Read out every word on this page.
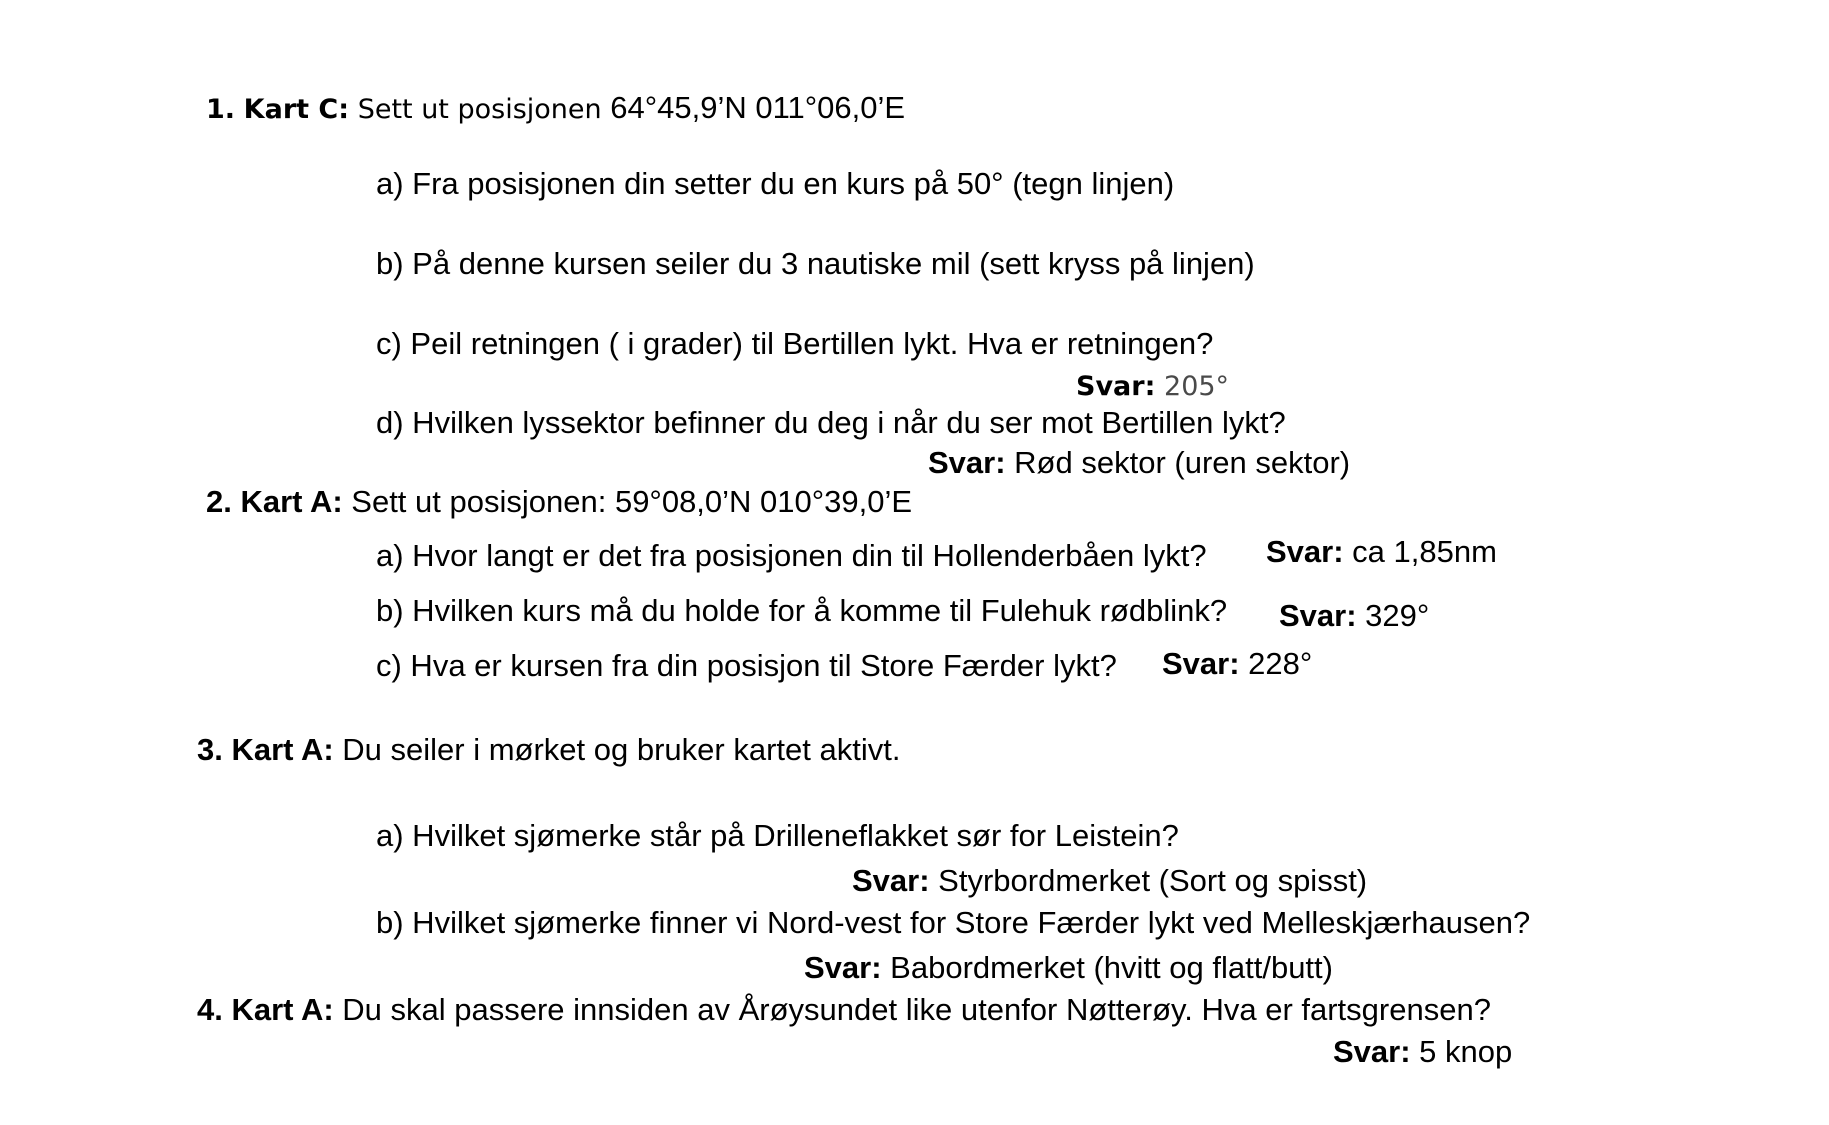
1. Kart C: Sett ut posisjonen 64°45,9’N 011°06,0’E
a) Fra posisjonen din setter du en kurs på 50° (tegn linjen)
b) På denne kursen seiler du 3 nautiske mil (sett kryss på linjen)
c) Peil retningen ( i grader) til Bertillen lykt. Hva er retningen?
Svar: 205°
d) Hvilken lyssektor befinner du deg i når du ser mot Bertillen lykt?
Svar: Rød sektor (uren sektor)
2. Kart A: Sett ut posisjonen: 59°08,0’N 010°39,0’E
a) Hvor langt er det fra posisjonen din til Hollenderbåen lykt? Svar: ca 1,85nm
b) Hvilken kurs må du holde for å komme til Fulehuk rødblink? Svar: 329°
c) Hva er kursen fra din posisjon til Store Færder lykt? Svar: 228°
3. Kart A: Du seiler i mørket og bruker kartet aktivt.
a) Hvilket sjømerke står på Drilleneflakket sør for Leistein?
Svar: Styrbordmerket (Sort og spisst)
b) Hvilket sjømerke finner vi Nord-vest for Store Færder lykt ved Melleskjærhausen?
Svar: Babordmerket (hvitt og flatt/butt)
4. Kart A: Du skal passere innsiden av Årøysundet like utenfor Nøtterøy. Hva er fartsgrensen?
Svar: 5 knop
